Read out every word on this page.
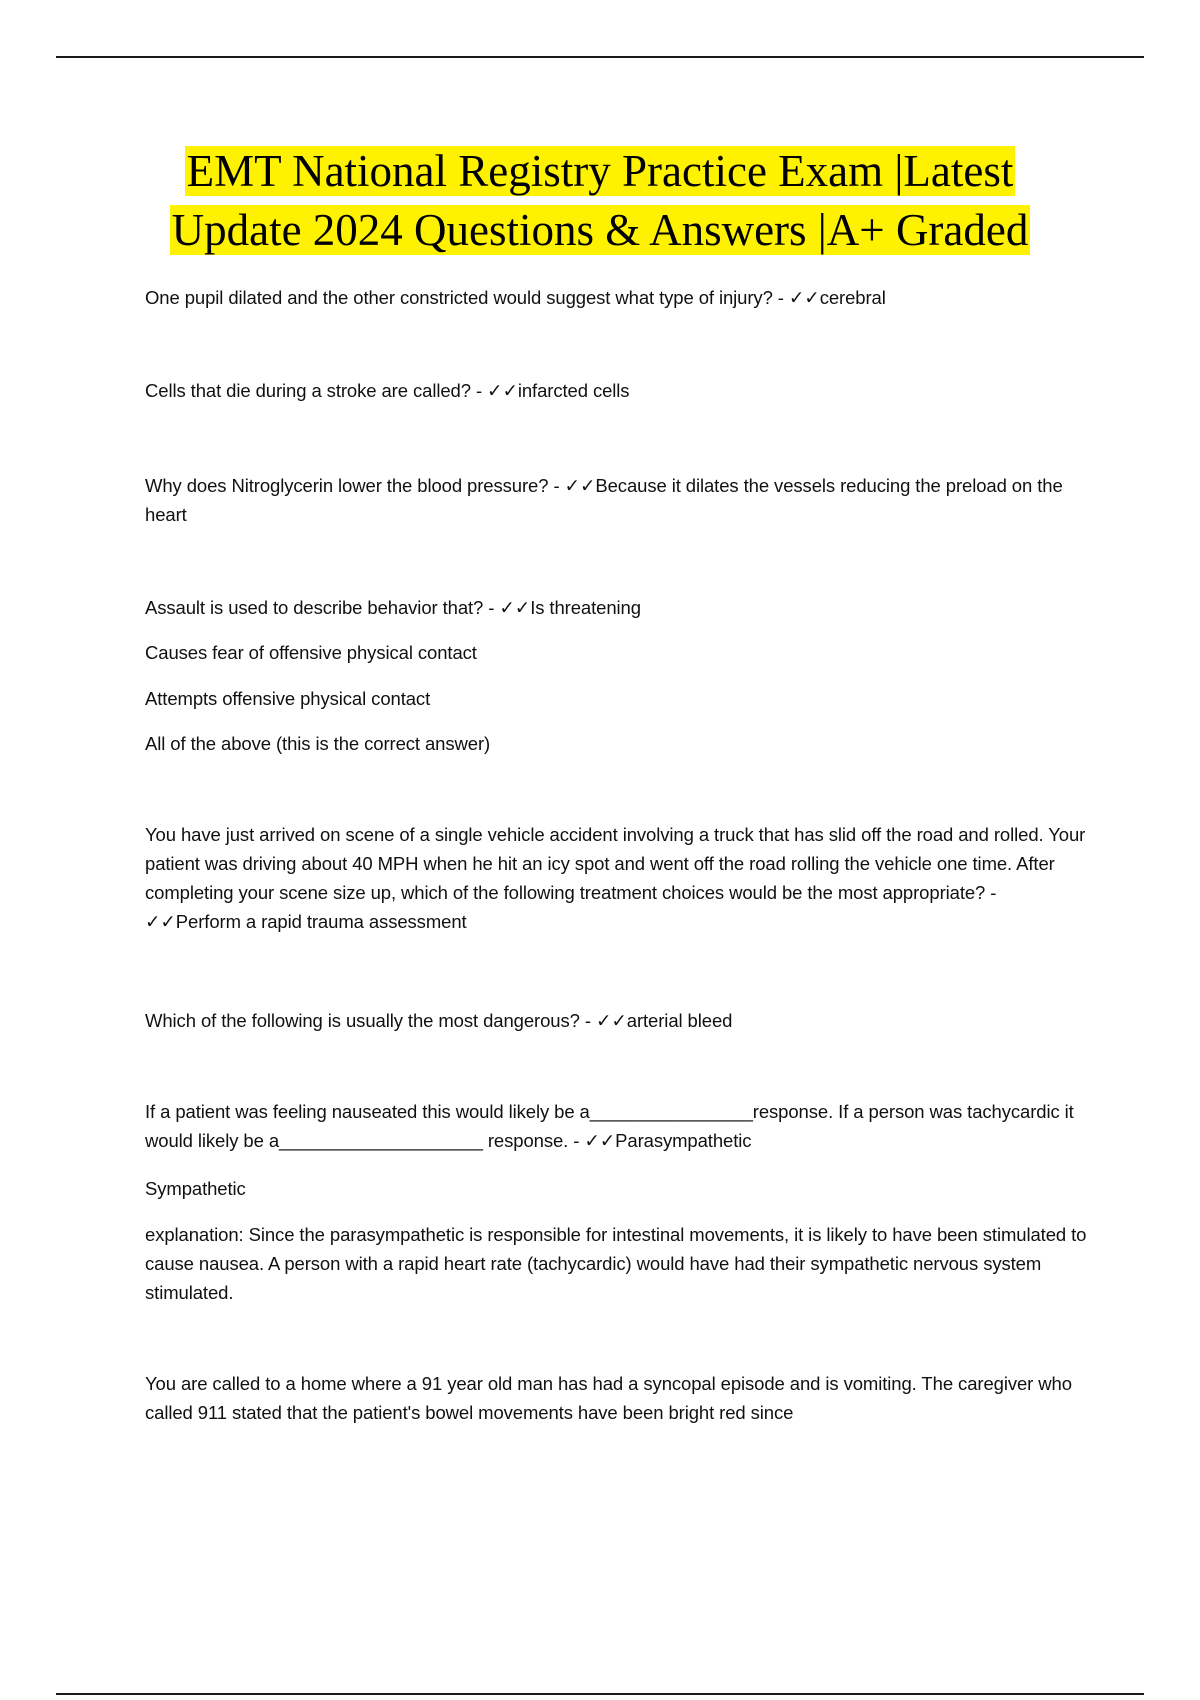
EMT National Registry Practice Exam |Latest
Update 2024 Questions & Answers |A+ Graded

One pupil dilated and the other constricted would suggest what type of injury? - ✓✓cerebral

Cells that die during a stroke are called? - ✓✓infarcted cells

Why does Nitroglycerin lower the blood pressure? - ✓✓Because it dilates the vessels reducing the preload on the heart

Assault is used to describe behavior that? - ✓✓Is threatening

Causes fear of offensive physical contact

Attempts offensive physical contact

All of the above (this is the correct answer)

You have just arrived on scene of a single vehicle accident involving a truck that has slid off the road and rolled. Your patient was driving about 40 MPH when he hit an icy spot and went off the road rolling the vehicle one time. After completing your scene size up, which of the following treatment choices would be the most appropriate? - ✓✓Perform a rapid trauma assessment

Which of the following is usually the most dangerous? - ✓✓arterial bleed

If a patient was feeling nauseated this would likely be a________________response. If a person was tachycardic it would likely be a____________________ response. - ✓✓Parasympathetic

Sympathetic

explanation: Since the parasympathetic is responsible for intestinal movements, it is likely to have been stimulated to cause nausea. A person with a rapid heart rate (tachycardic) would have had their sympathetic nervous system stimulated.

You are called to a home where a 91 year old man has had a syncopal episode and is vomiting. The caregiver who called 911 stated that the patient's bowel movements have been bright red since
